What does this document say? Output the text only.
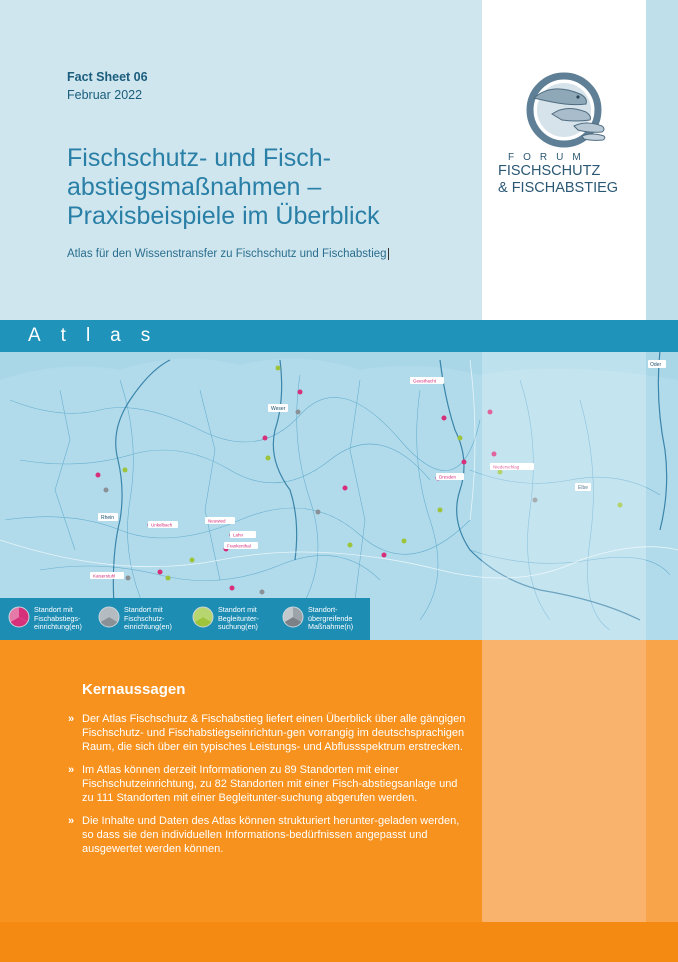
Fact Sheet 06
Februar 2022
Fischschutz- und Fisch-abstiegsmaßnahmen – Praxisbeispiele im Überblick
Atlas für den Wissenstransfer zu Fischschutz und Fischabstieg
FORUM
FISCHSCHUTZ
& FISCHABSTIEG
Geesthacht
Unkelbach
Neuwied
Lahn
Frankenthal
Kaiserstuhl
Dresden
Niederschlag
Weser
Rhein
Elbe
Oder
Atlas
Standort mit
Fischabstiegs-
einrichtung(en)
Standort mit
Fischschutz-
einrichtung(en)
Standort mit
Begleitunter-
suchung(en)
Standort-
übergreifende
Maßnahme(n)
Kernaussagen
» Der Atlas Fischschutz & Fischabstieg liefert einen Überblick über alle gängigen Fischschutz- und Fischabstiegseinrichtun-gen vorrangig im deutschsprachigen Raum, die sich über ein typisches Leistungs- und Abflussspektrum erstrecken.
» Im Atlas können derzeit Informationen zu 89 Standorten mit einer Fischschutzeinrichtung, zu 82 Standorten mit einer Fisch-abstiegsanlage und zu 111 Standorten mit einer Begleitunter-suchung abgerufen werden.
» Die Inhalte und Daten des Atlas können strukturiert herunter-geladen werden, so dass sie den individuellen Informations-bedürfnissen angepasst und ausgewertet werden können.
